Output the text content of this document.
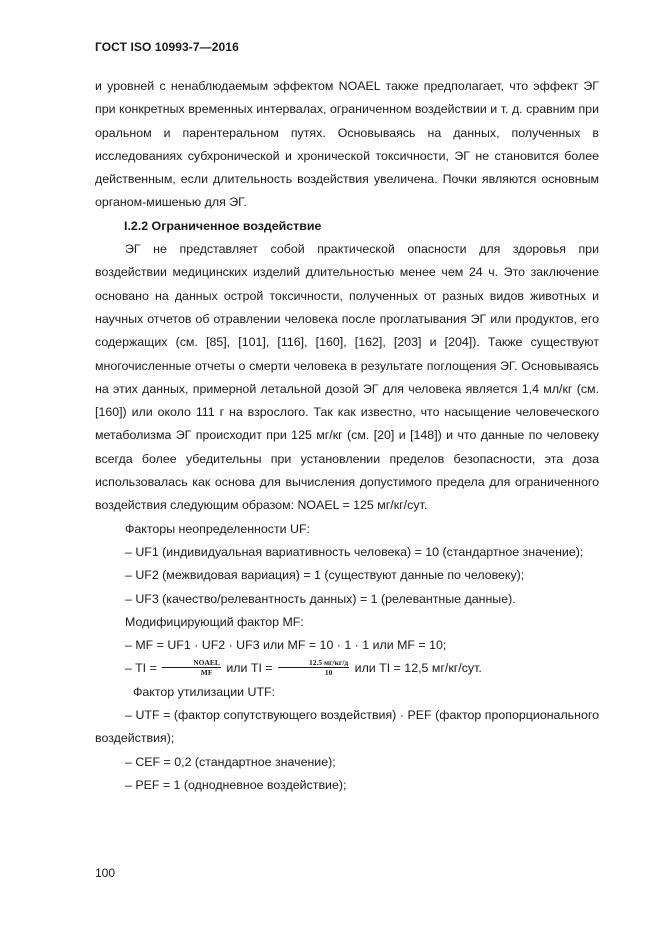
ГОСТ ISO 10993-7—2016

и уровней с ненаблюдаемым эффектом NOAEL также предполагает, что эффект ЭГ при конкретных временных интервалах, ограниченном воздействии и т. д. сравним при оральном и парентеральном путях. Основываясь на данных, полученных в исследованиях субхронической и хронической токсичности, ЭГ не становится более действенным, если длительность воздействия увеличена. Почки являются основным органом-мишенью для ЭГ.

I.2.2 Ограниченное воздействие

ЭГ не представляет собой практической опасности для здоровья при воздействии медицинских изделий длительностью менее чем 24 ч. Это заключение основано на данных острой токсичности, полученных от разных видов животных и научных отчетов об отравлении человека после проглатывания ЭГ или продуктов, его содержащих (см. [85], [101], [116], [160], [162], [203] и [204]). Также существуют многочисленные отчеты о смерти человека в результате поглощения ЭГ. Основываясь на этих данных, примерной летальной дозой ЭГ для человека является 1,4 мл/кг (см. [160]) или около 111 г на взрослого. Так как известно, что насыщение человеческого метаболизма ЭГ происходит при 125 мг/кг (см. [20] и [148]) и что данные по человеку всегда более убедительны при установлении пределов безопасности, эта доза использовалась как основа для вычисления допустимого предела для ограниченного воздействия следующим образом: NOAEL = 125 мг/кг/сут.

Факторы неопределенности UF:

– UF1 (индивидуальная вариативность человека) = 10 (стандартное значение);

– UF2 (межвидовая вариация) = 1 (существуют данные по человеку);

– UF3 (качество/релевантность данных) = 1 (релевантные данные).

Модифицирующий фактор MF:

– MF = UF1 · UF2 · UF3 или MF = 10 · 1 · 1 или MF = 10;

– TI = $\frac{\text{NOAEL}}{MF}$ или TI = $\frac{12.5 мг/кг/д}{10}$ или TI = 12,5 мг/кг/сут.

Фактор утилизации UTF:

– UTF = (фактор сопутствующего воздействия) · PEF (фактор пропорционального воздействия);

– CEF = 0,2 (стандартное значение);

– PEF = 1 (однодневное воздействие);

100
